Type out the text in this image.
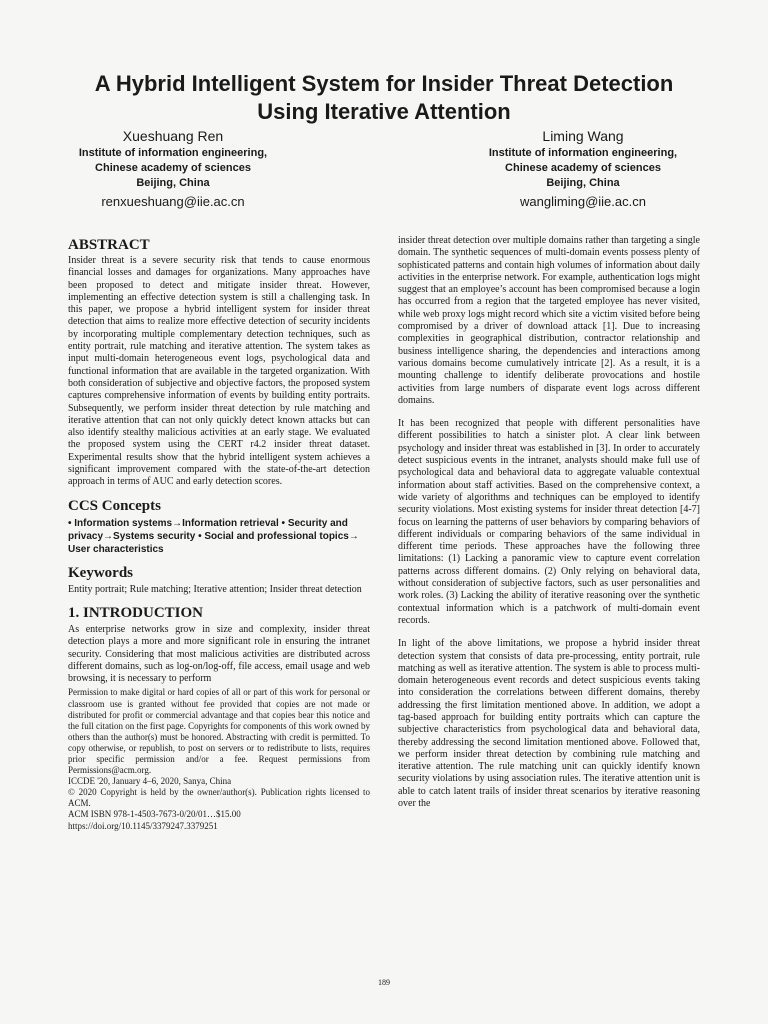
A Hybrid Intelligent System for Insider Threat Detection
Using Iterative Attention
Xueshuang Ren
Institute of information engineering,
Chinese academy of sciences
Beijing, China
renxueshuang@iie.ac.cn
Liming Wang
Institute of information engineering,
Chinese academy of sciences
Beijing, China
wangliming@iie.ac.cn
ABSTRACT

Insider threat is a severe security risk that tends to cause enormous financial losses and damages for organizations. Many approaches have been proposed to detect and mitigate insider threat. However, implementing an effective detection system is still a challenging task. In this paper, we propose a hybrid intelligent system for insider threat detection that aims to realize more effective detection of security incidents by incorporating multiple complementary detection techniques, such as entity portrait, rule matching and iterative attention. The system takes as input multi-domain heterogeneous event logs, psychological data and functional information that are available in the targeted organization. With both consideration of subjective and objective factors, the proposed system captures comprehensive information of events by building entity portraits. Subsequently, we perform insider threat detection by rule matching and iterative attention that can not only quickly detect known attacks but can also identify stealthy malicious activities at an early stage. We evaluated the proposed system using the CERT r4.2 insider threat dataset. Experimental results show that the hybrid intelligent system achieves a significant improvement compared with the state-of-the-art detection approach in terms of AUC and early detection scores.

CCS Concepts
• Information systems→Information retrieval • Security and privacy→Systems security • Social and professional topics→ User characteristics
Keywords

Entity portrait; Rule matching; Iterative attention; Insider threat detection

1. INTRODUCTION

As enterprise networks grow in size and complexity, insider threat detection plays a more and more significant role in ensuring the intranet security. Considering that most malicious activities are distributed across different domains, such as log-on/log-off, file access, email usage and web browsing, it is necessary to perform

Permission to make digital or hard copies of all or part of this work for personal or classroom use is granted without fee provided that copies are not made or distributed for profit or commercial advantage and that copies bear this notice and the full citation on the first page. Copyrights for components of this work owned by others than the author(s) must be honored. Abstracting with credit is permitted. To copy otherwise, or republish, to post on servers or to redistribute to lists, requires prior specific permission and/or a fee. Request permissions from Permissions@acm.org.
ICCDE '20, January 4–6, 2020, Sanya, China
© 2020 Copyright is held by the owner/author(s). Publication rights licensed to ACM.
ACM ISBN 978-1-4503-7673-0/20/01…$15.00
https://doi.org/10.1145/3379247.3379251

insider threat detection over multiple domains rather than targeting a single domain. The synthetic sequences of multi-domain events possess plenty of sophisticated patterns and contain high volumes of information about daily activities in the enterprise network. For example, authentication logs might suggest that an employee’s account has been compromised because a login has occurred from a region that the targeted employee has never visited, while web proxy logs might record which site a victim visited before being compromised by a driver of download attack [1]. Due to increasing complexities in geographical distribution, contractor relationship and business intelligence sharing, the dependencies and interactions among various domains become cumulatively intricate [2]. As a result, it is a mounting challenge to identify deliberate provocations and hostile activities from large numbers of disparate event logs across different domains.

It has been recognized that people with different personalities have different possibilities to hatch a sinister plot. A clear link between psychology and insider threat was established in [3]. In order to accurately detect suspicious events in the intranet, analysts should make full use of psychological data and behavioral data to aggregate valuable contextual information about staff activities. Based on the comprehensive context, a wide variety of algorithms and techniques can be employed to identify security violations. Most existing systems for insider threat detection [4-7] focus on learning the patterns of user behaviors by comparing behaviors of different individuals or comparing behaviors of the same individual in different time periods. These approaches have the following three limitations: (1) Lacking a panoramic view to capture event correlation patterns across different domains. (2) Only relying on behavioral data, without consideration of subjective factors, such as user personalities and work roles. (3) Lacking the ability of iterative reasoning over the synthetic contextual information which is a patchwork of multi-domain event records.

In light of the above limitations, we propose a hybrid insider threat detection system that consists of data pre-processing, entity portrait, rule matching as well as iterative attention. The system is able to process multi-domain heterogeneous event records and detect suspicious events taking into consideration the correlations between different domains, thereby addressing the first limitation mentioned above. In addition, we adopt a tag-based approach for building entity portraits which can capture the subjective characteristics from psychological data and behavioral data, thereby addressing the second limitation mentioned above. Followed that, we perform insider threat detection by combining rule matching and iterative attention. The rule matching unit can quickly identify known security violations by using association rules. The iterative attention unit is able to catch latent trails of insider threat scenarios by iterative reasoning over the

189
